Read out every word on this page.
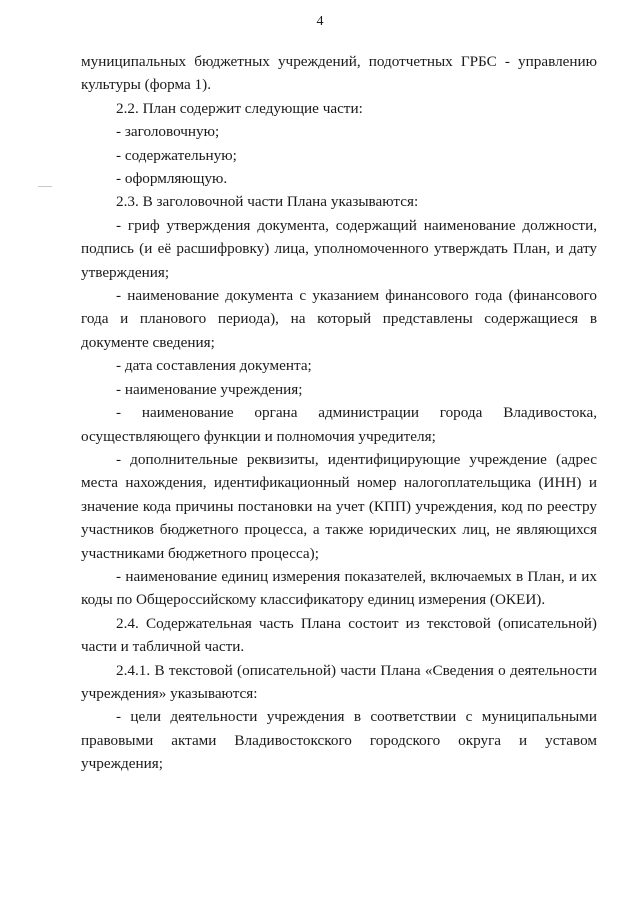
4

муниципальных бюджетных учреждений, подотчетных ГРБС - управлению культуры (форма 1).

2.2. План содержит следующие части:

- заголовочную;

- содержательную;

- оформляющую.

2.3. В заголовочной части Плана указываются:

- гриф утверждения документа, содержащий наименование должности, подпись (и её расшифровку) лица, уполномоченного утверждать План, и дату утверждения;

- наименование документа с указанием финансового года (финансового года и планового периода), на который представлены содержащиеся в документе сведения;

- дата составления документа;

- наименование учреждения;

- наименование органа администрации города Владивостока, осуществляющего функции и полномочия учредителя;

- дополнительные реквизиты, идентифицирующие учреждение (адрес места нахождения, идентификационный номер налогоплательщика (ИНН) и значение кода причины постановки на учет (КПП) учреждения, код по реестру участников бюджетного процесса, а также юридических лиц, не являющихся участниками бюджетного процесса);

- наименование единиц измерения показателей, включаемых в План, и их коды по Общероссийскому классификатору единиц измерения (ОКЕИ).

2.4. Содержательная часть Плана состоит из текстовой (описательной) части и табличной части.

2.4.1. В текстовой (описательной) части Плана «Сведения о деятельности учреждения» указываются:

- цели деятельности учреждения в соответствии с муниципальными правовыми актами Владивостокского городского округа и уставом учреждения;
